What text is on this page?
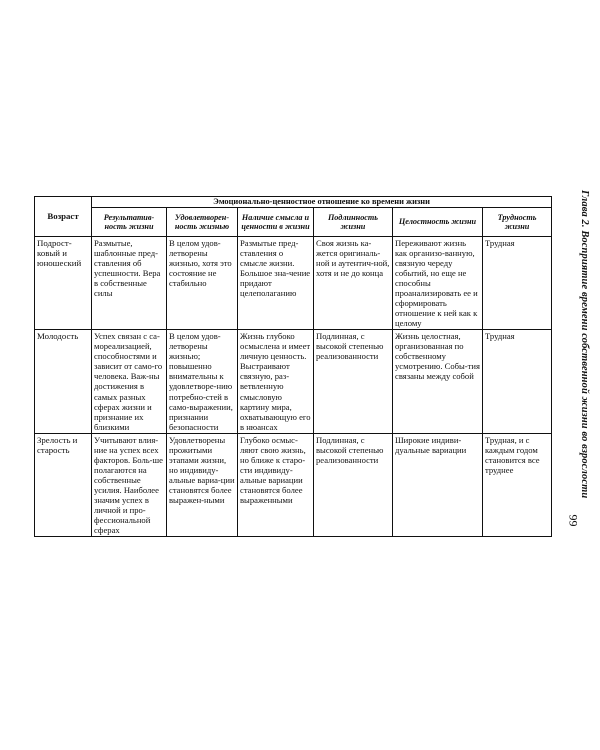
Возраст	Эмоционально-ценностное отношение ко времени жизни					
	Результатив-ность жизни	Удовлетворен-ность жизнью	Наличие смысла и ценности в жизни	Подлинность жизни	Целостность жизни	Трудность жизни
Подрост-ковый и юношеский	Размытые, шаблонные пред-ставления об успешности. Вера в собственные силы	В целом удов-летворены жизнью, хотя это состояние не стабильно	Размытые пред-ставления о смысле жизни. Большое зна-чение придают целеполаганию	Своя жизнь ка-жется оригиналь-ной и аутентич-ной, хотя и не до конца	Переживают жизнь как организо-ванную, связную череду событий, но еще не способны проанализировать ее и сформировать отношение к ней как к целому	Трудная
Молодость	Успех связан с са-мореализацией, способностями и зависит от само-го человека. Важ-ны достижения в самых разных сферах жизни и признание их близкими	В целом удов-летворены жизнью; повышенно внимательны к удовлетворе-нию потребно-стей в само-выражении, признании безопасности	Жизнь глубоко осмыслена и имеет личную ценность. Выстраивают связную, раз-ветвленную смысловую картину мира, охватывающую его в нюансах	Подлинная, с высокой степенью реализованности	Жизнь целостная, организованная по собственному усмотрению. Собы-тия связаны между собой	Трудная
Зрелость и старость	Учитывают влия-ние на успех всех факторов. Боль-ше полагаются на собственные усилия. Наиболее значим успех в личной и про-фессиональной сферах	Удовлетворены прожитыми этапами жизни, но индивиду-альные вариа-ции становятся более выражен-ными	Глубоко осмыс-ляют свою жизнь, но ближе к старо-сти индивиду-альные вариации становятся более выраженными	Подлинная, с высокой степенью реализованности	Широкие индиви-дуальные вариации	Трудная, и с каждым годом становится все труднее	Глава 2. Восприятие времени собственной жизни во взрослости
99
